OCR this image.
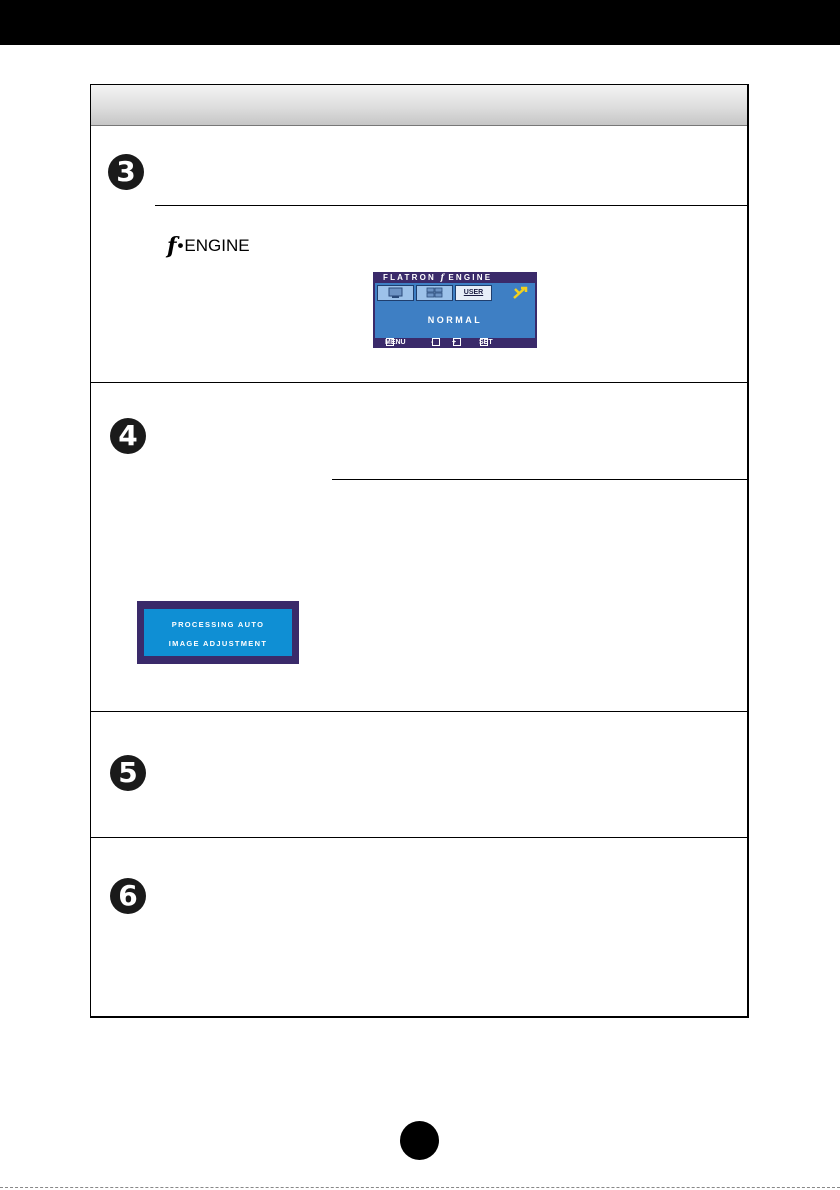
3
4
5
6
f • ENGINE
FLATRON f ENGINE
USER
NORMAL
MENU	-	+	SET
PROCESSING AUTO
IMAGE ADJUSTMENT
